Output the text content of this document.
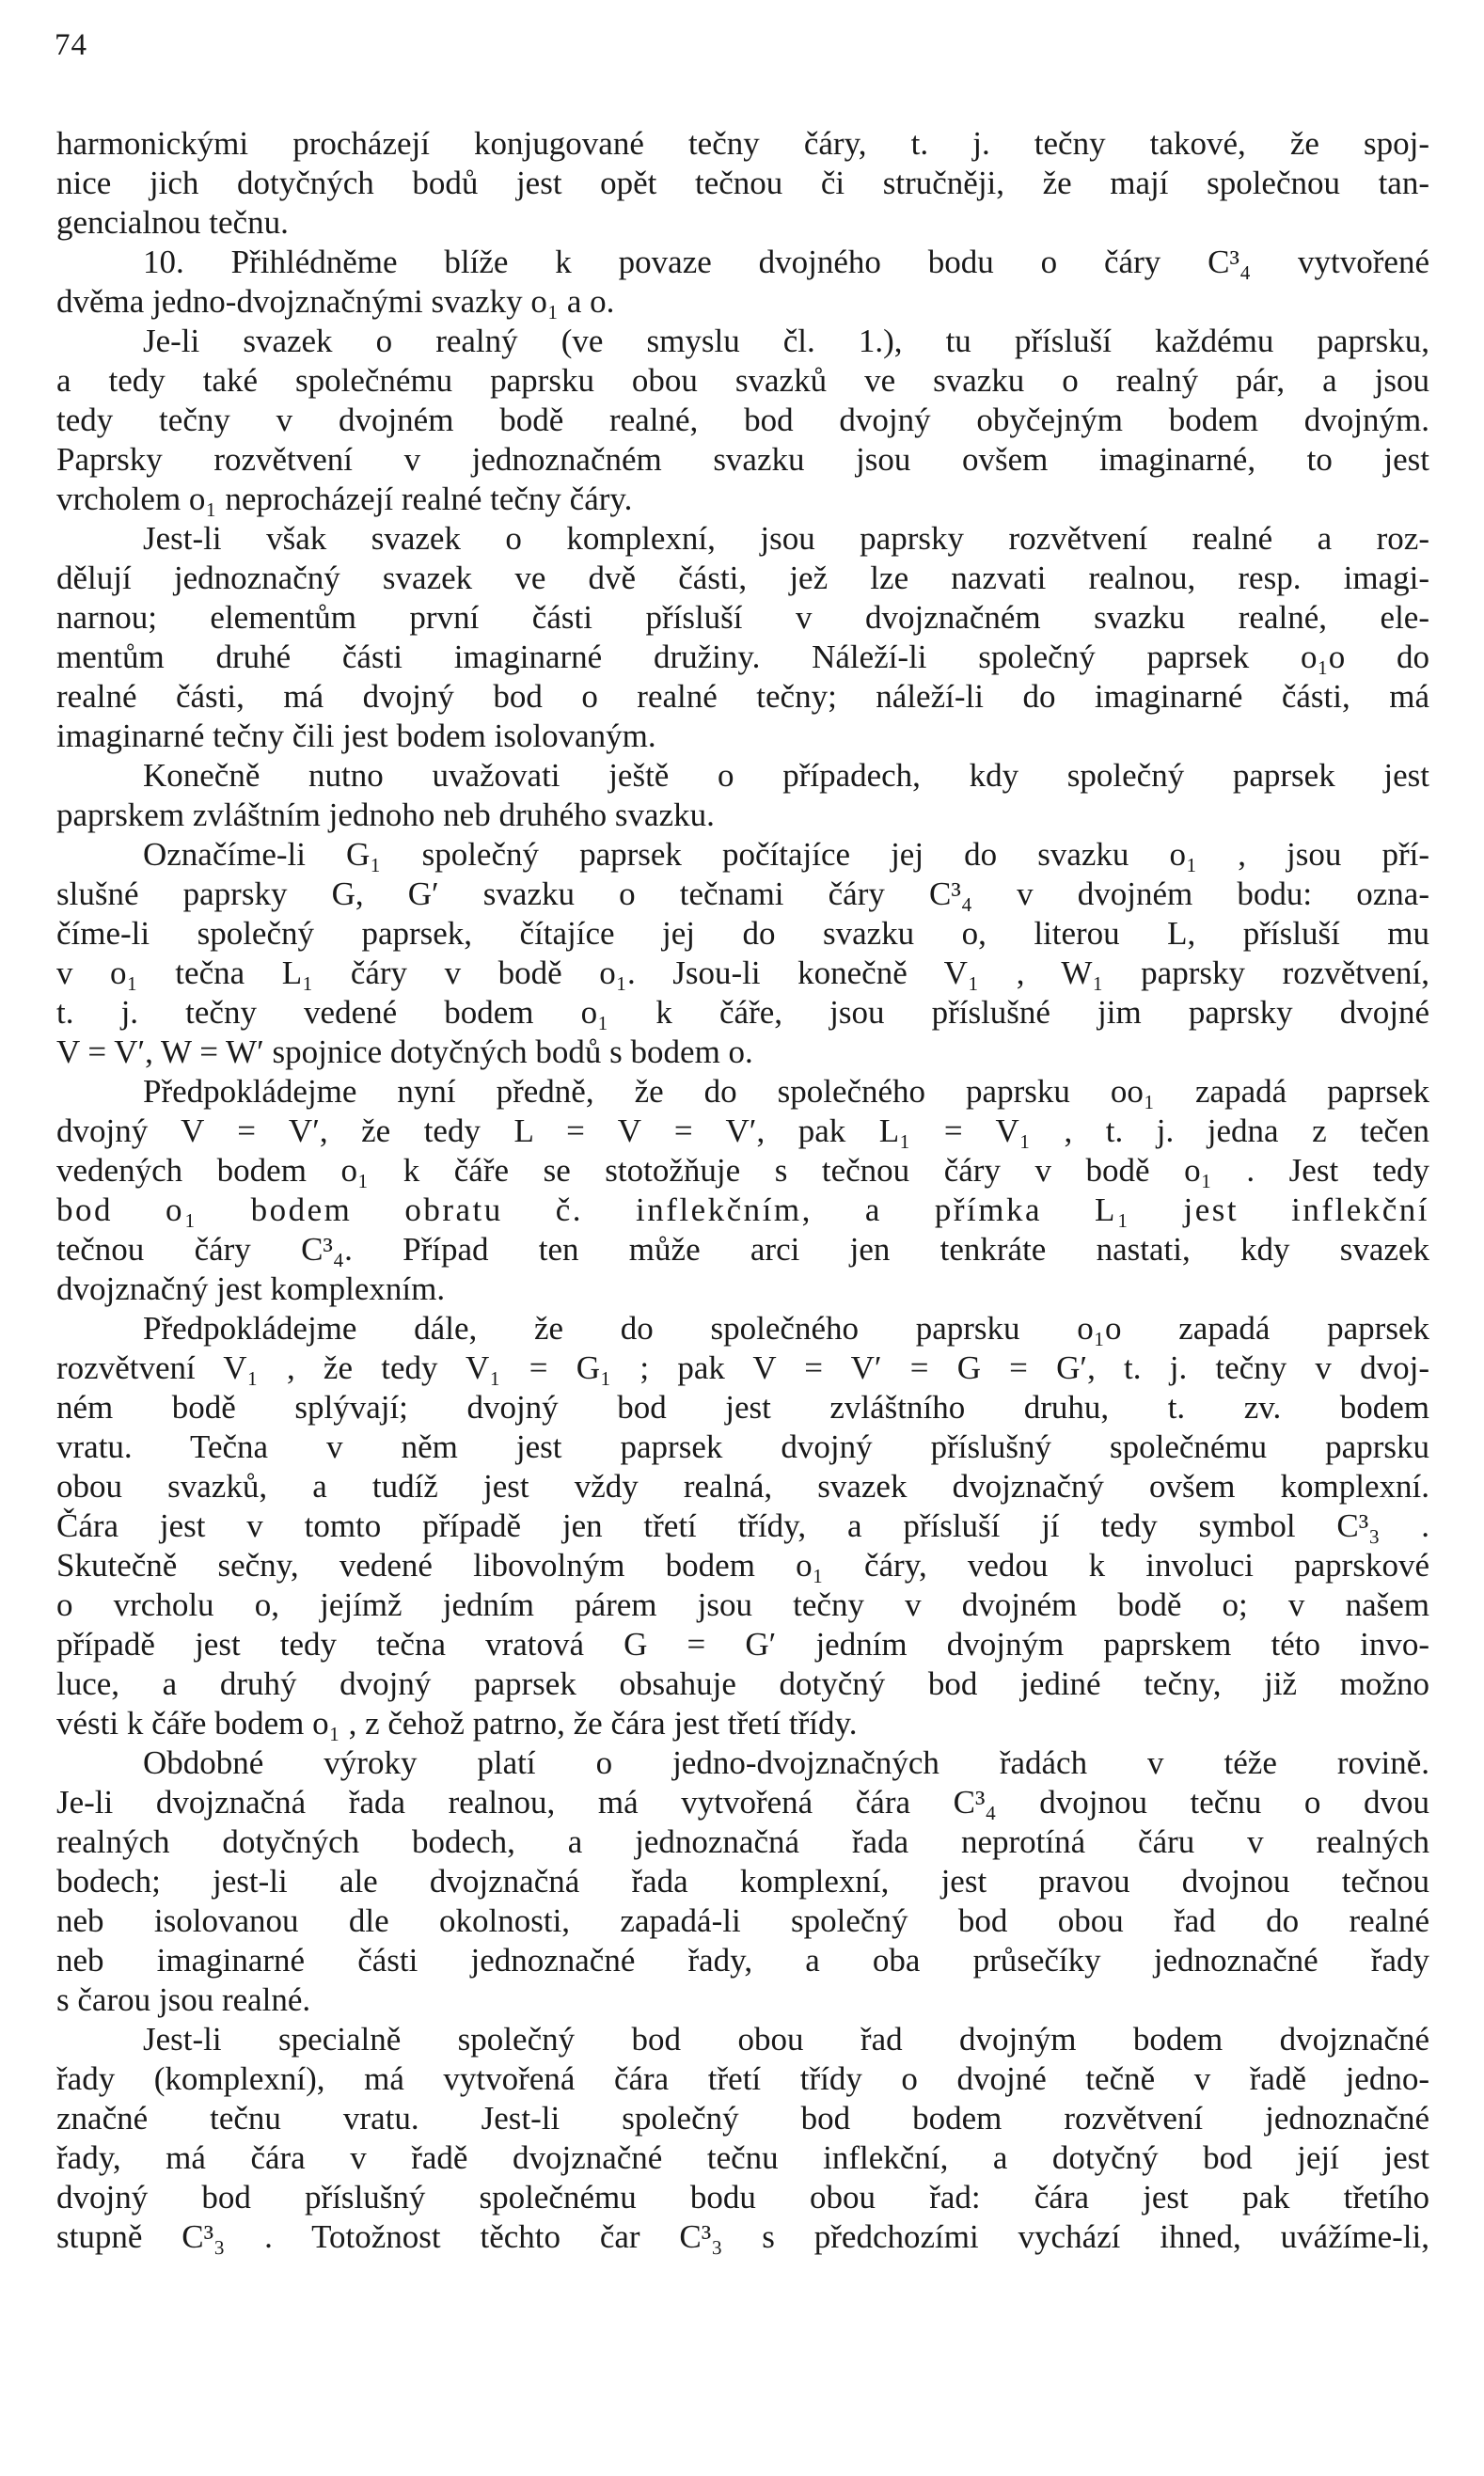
74
harmonickými procházejí konjugované tečny čáry, t. j. tečny takové, že spoj-
nice jich dotyčných bodů jest opět tečnou či stručněji, že mají společnou tan-
gencialnou tečnu.
10. Přihlédněme blíže k povaze dvojného bodu o čáry C³₄ vytvořené
dvěma jedno-dvojznačnými svazky o₁ a o.
Je-li svazek o realný (ve smyslu čl. 1.), tu přísluší každému paprsku,
a tedy také společnému paprsku obou svazků ve svazku o realný pár, a jsou
tedy tečny v dvojném bodě realné, bod dvojný obyčejným bodem dvojným.
Paprsky rozvětvení v jednoznačném svazku jsou ovšem imaginarné, to jest
vrcholem o₁ neprocházejí realné tečny čáry.
Jest-li však svazek o komplexní, jsou paprsky rozvětvení realné a roz-
dělují jednoznačný svazek ve dvě části, jež lze nazvati realnou, resp. imagi-
narnou; elementům první části přísluší v dvojznačném svazku realné, ele-
mentům druhé části imaginarné družiny. Náleží-li společný paprsek o₁o do
realné části, má dvojný bod o realné tečny; náleží-li do imaginarné části, má
imaginarné tečny čili jest bodem isolovaným.
Konečně nutno uvažovati ještě o případech, kdy společný paprsek jest
paprskem zvláštním jednoho neb druhého svazku.
Označíme-li G₁ společný paprsek počítajíce jej do svazku o₁ , jsou pří-
slušné paprsky G, G′ svazku o tečnami čáry C³₄ v dvojném bodu: ozna-
číme-li společný paprsek, čítajíce jej do svazku o, literou L, přísluší mu
v o₁ tečna L₁ čáry v bodě o₁. Jsou-li konečně V₁ , W₁ paprsky rozvětvení,
t. j. tečny vedené bodem o₁ k čáře, jsou příslušné jim paprsky dvojné
V = V′, W = W′ spojnice dotyčných bodů s bodem o.
Předpokládejme nyní předně, že do společného paprsku oo₁ zapadá paprsek
dvojný V = V′, že tedy L = V = V′, pak L₁ = V₁ , t. j. jedna z tečen
vedených bodem o₁ k čáře se stotožňuje s tečnou čáry v bodě o₁ . Jest tedy
bod o₁ bodem obratu č. inflekčním, a přímka L₁ jest inflekční
tečnou čáry C³₄. Případ ten může arci jen tenkráte nastati, kdy svazek
dvojznačný jest komplexním.
Předpokládejme dále, že do společného paprsku o₁o zapadá paprsek
rozvětvení V₁ , že tedy V₁ = G₁ ; pak V = V′ = G = G′, t. j. tečny v dvoj-
ném bodě splývají; dvojný bod jest zvláštního druhu, t. zv. bodem
vratu. Tečna v něm jest paprsek dvojný příslušný společnému paprsku
obou svazků, a tudíž jest vždy realná, svazek dvojznačný ovšem komplexní.
Čára jest v tomto případě jen třetí třídy, a přísluší jí tedy symbol C³₃ .
Skutečně sečny, vedené libovolným bodem o₁ čáry, vedou k involuci paprskové
o vrcholu o, jejímž jedním párem jsou tečny v dvojném bodě o; v našem
případě jest tedy tečna vratová G = G′ jedním dvojným paprskem této invo-
luce, a druhý dvojný paprsek obsahuje dotyčný bod jediné tečny, již možno
vésti k čáře bodem o₁ , z čehož patrno, že čára jest třetí třídy.
Obdobné výroky platí o jedno-dvojznačných řadách v téže rovině.
Je-li dvojznačná řada realnou, má vytvořená čára C³₄ dvojnou tečnu o dvou
realných dotyčných bodech, a jednoznačná řada neprotíná čáru v realných
bodech; jest-li ale dvojznačná řada komplexní, jest pravou dvojnou tečnou
neb isolovanou dle okolnosti, zapadá-li společný bod obou řad do realné
neb imaginarné části jednoznačné řady, a oba průsečíky jednoznačné řady
s čarou jsou realné.
Jest-li specialně společný bod obou řad dvojným bodem dvojznačné
řady (komplexní), má vytvořená čára třetí třídy o dvojné tečně v řadě jedno-
značné tečnu vratu. Jest-li společný bod bodem rozvětvení jednoznačné
řady, má čára v řadě dvojznačné tečnu inflekční, a dotyčný bod její jest
dvojný bod příslušný společnému bodu obou řad: čára jest pak třetího
stupně C³₃ . Totožnost těchto čar C³₃ s předchozími vychází ihned, uvážíme-li,
